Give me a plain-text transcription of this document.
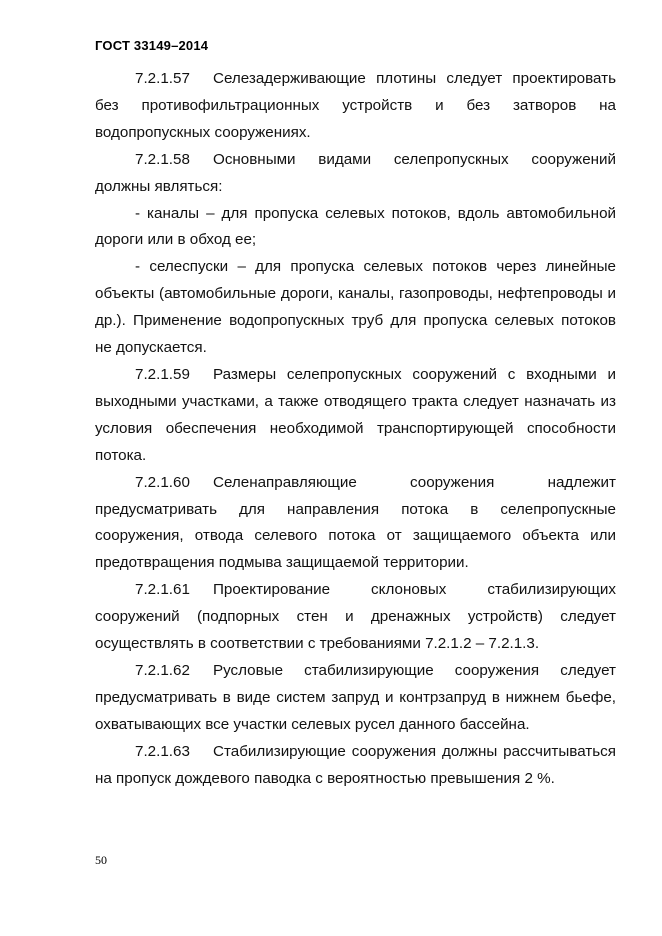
ГОСТ 33149–2014

7.2.1.57 Селезадерживающие плотины следует проектировать без противофильтрационных устройств и без затворов на водопропускных сооружениях.

7.2.1.58 Основными видами селепропускных сооружений должны являться:

- каналы – для пропуска селевых потоков, вдоль автомобильной дороги или в обход ее;

- селеспуски – для пропуска селевых потоков через линейные объекты (автомобильные дороги, каналы, газопроводы, нефтепроводы и др.). Применение водопропускных труб для пропуска селевых потоков не допускается.

7.2.1.59 Размеры селепропускных сооружений с входными и выходными участками, а также отводящего тракта следует назначать из условия обеспечения необходимой транспортирующей способности потока.

7.2.1.60 Селенаправляющие сооружения надлежит предусматривать для направления потока в селепропускные сооружения, отвода селевого потока от защищаемого объекта или предотвращения подмыва защищаемой территории.

7.2.1.61 Проектирование склоновых стабилизирующих сооружений (подпорных стен и дренажных устройств) следует осуществлять в соответствии с требованиями 7.2.1.2 – 7.2.1.3.

7.2.1.62 Русловые стабилизирующие сооружения следует предусматривать в виде систем запруд и контрзапруд в нижнем бьефе, охватывающих все участки селевых русел данного бассейна.

7.2.1.63 Стабилизирующие сооружения должны рассчитываться на пропуск дождевого паводка с вероятностью превышения 2 %.

50
